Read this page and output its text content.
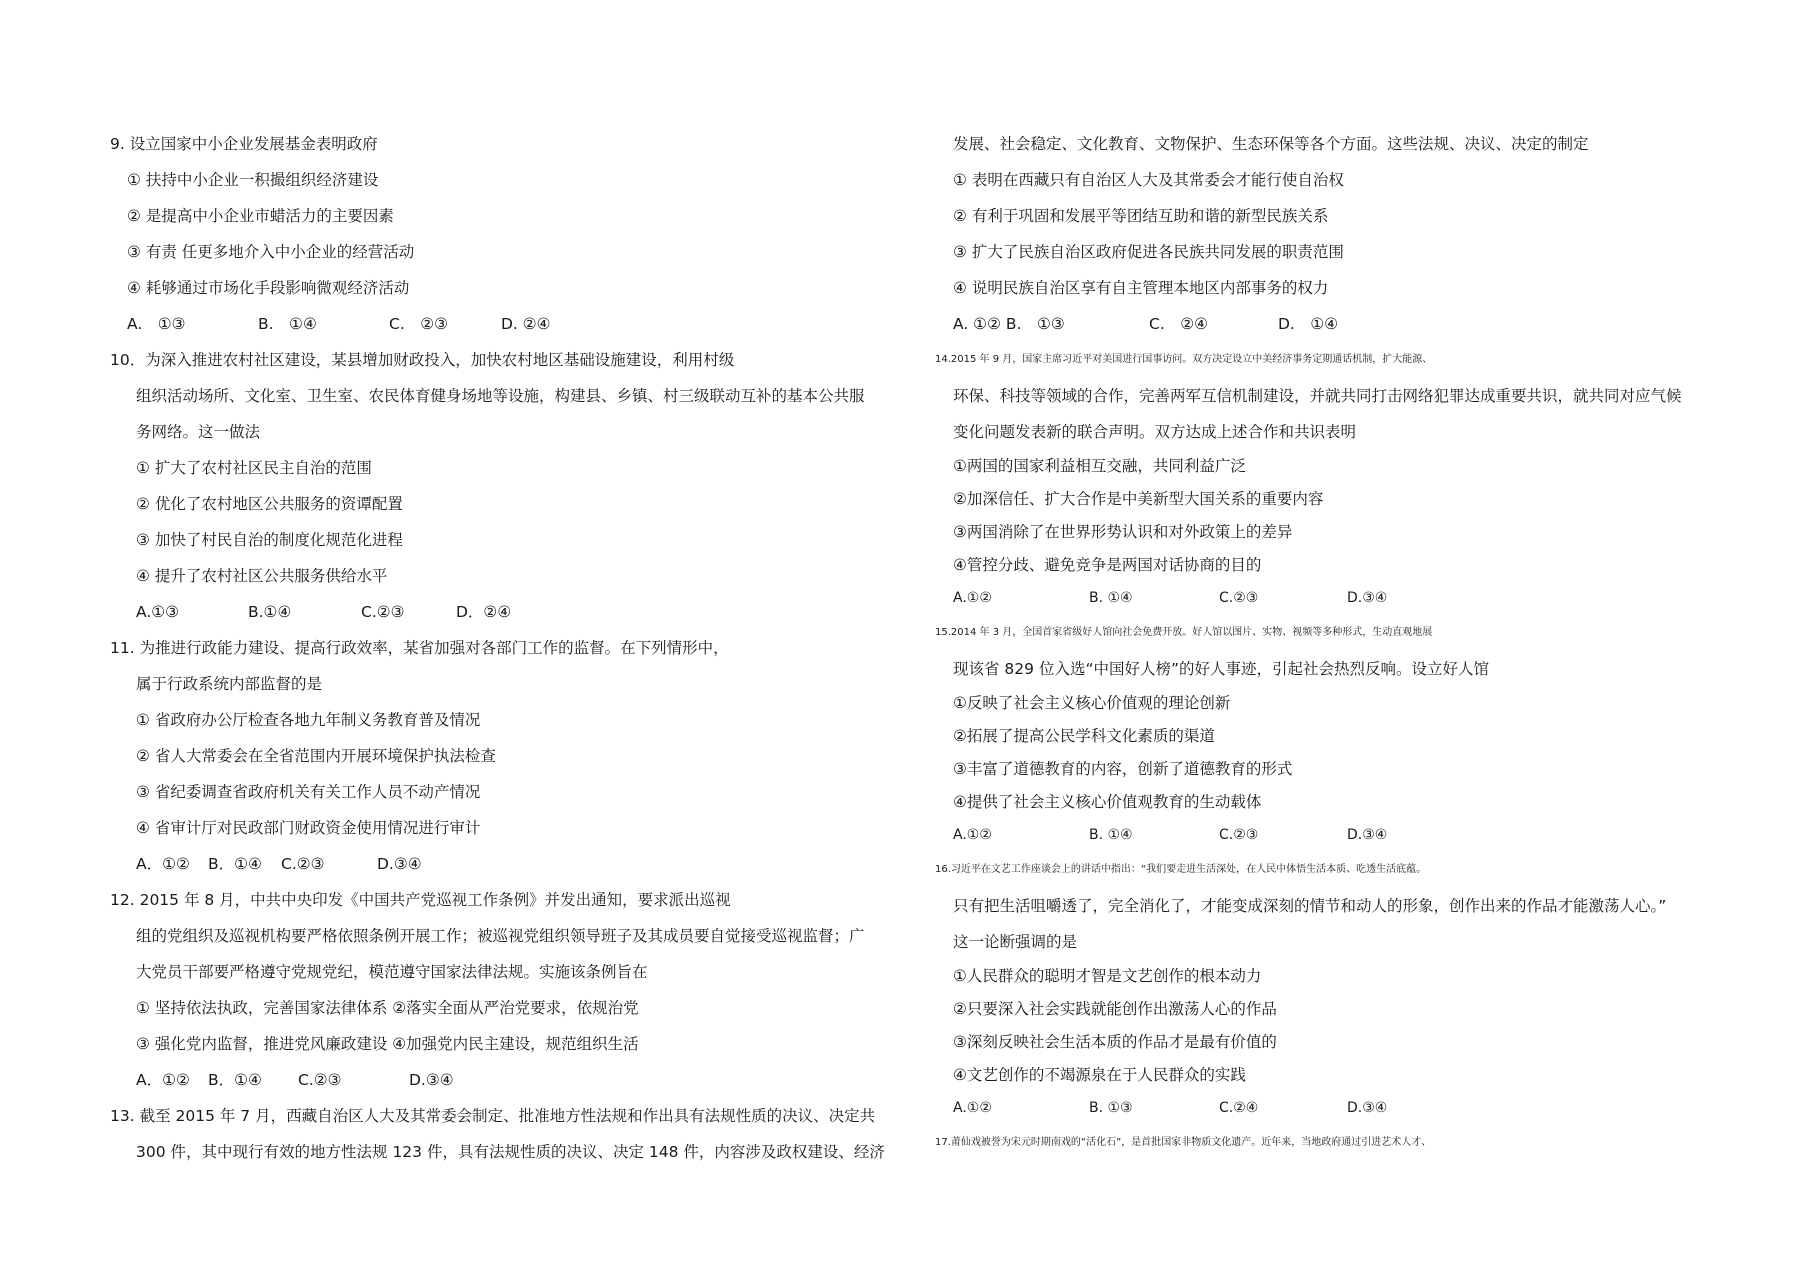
9. 设立国家中小企业发展基金表明政府
① 扶持中小企业一积撮组织经济建设
② 是提高中小企业市蜡活力的主要因素
③ 有责 任更多地介入中小企业的经营活动
④ 耗够通过市场化手段影响微观经济活动
A.　①③	B.　①④	C.　②③	D. ②④
10．为深入推进农村社区建设，某县增加财政投入，加快农村地区基础设施建设，利用村级
组织活动场所、文化室、卫生室、农民体育健身场地等设施，构建县、乡镇、村三级联动互补的基本公共服
务网络。这一做法
① 扩大了农村社区民主自治的范围
② 优化了农村地区公共服务的资谭配置
③ 加快了村民自治的制度化规范化进程
④ 提升了农村社区公共服务供给水平
A.①③	B.①④	C.②③	D．②④
11. 为推进行政能力建设、提高行政效率，某省加强对各部门工作的监督。在下列情形中，
属于行政系统内部监督的是
① 省政府办公厅检查各地九年制义务教育普及情况
② 省人大常委会在全省范围内开展环境保护执法检查
③ 省纪委调查省政府机关有关工作人员不动产情况
④ 省审计厅对民政部门财政资金使用情况进行审计
A．①②	B．①④	C.②③	D.③④
12. 2015 年 8 月，中共中央印发《中国共产党巡视工作条例》并发出通知，要求派出巡视
组的党组织及巡视机构要严格依照条例开展工作；被巡视党组织领导班子及其成员要自觉接受巡视监督；广
大党员干部要严格遵守党规党纪，模范遵守国家法律法规。实施该条例旨在
① 坚持依法执政，完善国家法律体系 ②落实全面从严治党要求，依规治党
③ 强化党内监督，推进党风廉政建设 ④加强党内民主建设，规范组织生活
A．①②	B．①④	C.②③	D.③④
13. 截至 2015 年 7 月，西藏自治区人大及其常委会制定、批准地方性法规和作出具有法规性质的决议、决定共
300 件，其中现行有效的地方性法规 123 件，具有法规性质的决议、决定 148 件，内容涉及政权建设、经济
发展、社会稳定、文化教育、文物保护、生态环保等各个方面。这些法规、决议、决定的制定
① 表明在西藏只有自治区人大及其常委会才能行使自治权
② 有利于巩固和发展平等团结互助和谐的新型民族关系
③ 扩大了民族自治区政府促进各民族共同发展的职责范围
④ 说明民族自治区享有自主管理本地区内部事务的权力
A. ①② B.　①③	C.　②④	D.　①④
14.2015 年 9 月，国家主席习近平对美国进行国事访问。双方决定设立中美经济事务定期通话机制，扩大能源、
环保、科技等领域的合作，完善两军互信机制建设，并就共同打击网络犯罪达成重要共识，就共同对应气候
变化问题发表新的联合声明。双方达成上述合作和共识表明
①两国的国家利益相互交融，共同利益广泛
②加深信任、扩大合作是中美新型大国关系的重要内容
③两国消除了在世界形势认识和对外政策上的差异
④管控分歧、避免竞争是两国对话协商的目的
A.①②	B. ①④	C.②③	D.③④
15.2014 年 3 月，全国首家省级好人馆向社会免费开放。好人馆以图片、实物、视频等多种形式，生动直观地展
现该省 829 位入选“中国好人榜”的好人事迹，引起社会热烈反响。设立好人馆
①反映了社会主义核心价值观的理论创新
②拓展了提高公民学科文化素质的渠道
③丰富了道德教育的内容，创新了道德教育的形式
④提供了社会主义核心价值观教育的生动载体
A.①②	B. ①④	C.②③	D.③④
16.习近平在文艺工作座谈会上的讲话中指出：“我们要走进生活深处，在人民中体悟生活本质、吃透生活底蕴。
只有把生活咀嚼透了，完全消化了，才能变成深刻的情节和动人的形象，创作出来的作品才能激荡人心。”
这一论断强调的是
①人民群众的聪明才智是文艺创作的根本动力
②只要深入社会实践就能创作出激荡人心的作品
③深刻反映社会生活本质的作品才是最有价值的
④文艺创作的不竭源泉在于人民群众的实践
A.①②	B. ①③	C.②④	D.③④
17.莆仙戏被誉为宋元时期南戏的“活化石”，是首批国家非物质文化遗产。近年来，当地政府通过引进艺术人才、
